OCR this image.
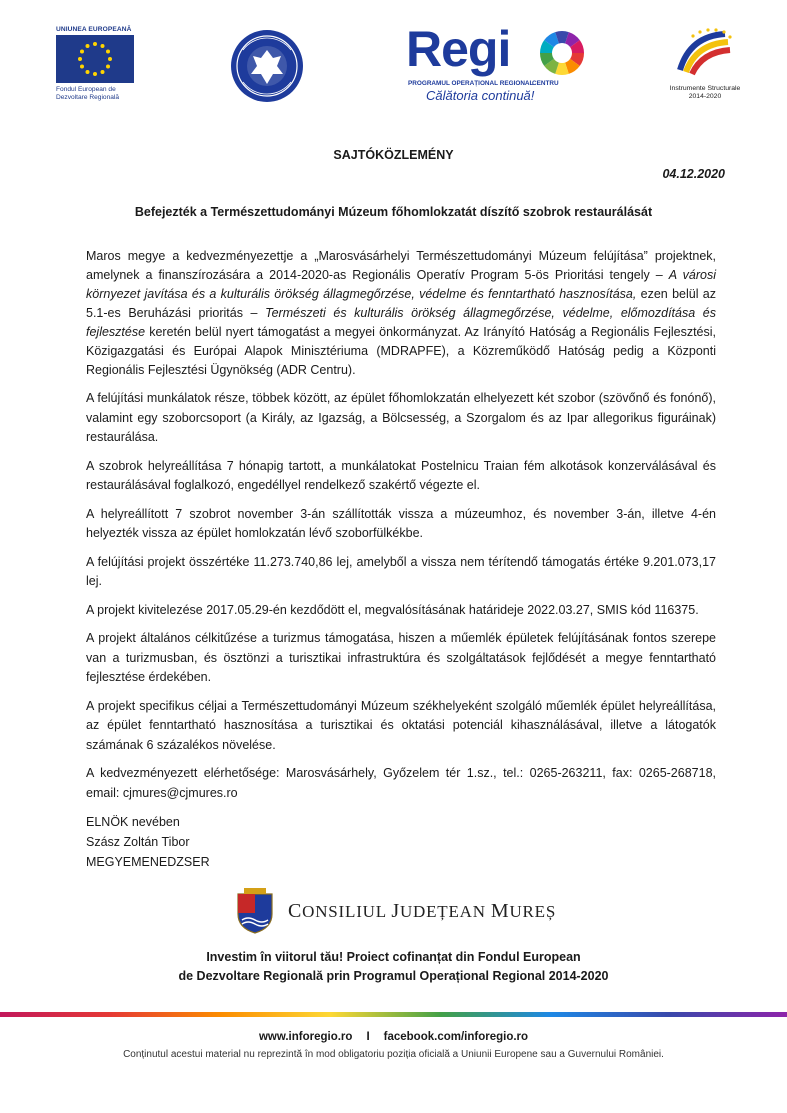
UNIUNEA EUROPEANĂ
Fondul European de
Dezvoltare Regională
Regi
PROGRAMUL OPERAȚIONAL REGIONAL
CENTRU
Călătoria continuă!	Instrumente Structurale
2014-2020
SAJTÓKÖZLEMÉNY
04.12.2020
Befejezték a Természettudományi Múzeum főhomlokzatát díszítő szobrok restaurálását

Maros megye a kedvezményezettje a „Marosvásárhelyi Természettudományi Múzeum felújítása” projektnek, amelynek a finanszírozására a 2014-2020-as Regionális Operatív Program 5-ös Prioritási tengely – A városi környezet javítása és a kulturális örökség állagmegőrzése, védelme és fenntartható hasznosítása, ezen belül az 5.1-es Beruházási prioritás – Természeti és kulturális örökség állagmegőrzése, védelme, előmozdítása és fejlesztése keretén belül nyert támogatást a megyei önkormányzat. Az Irányító Hatóság a Regionális Fejlesztési, Közigazgatási és Európai Alapok Minisztériuma (MDRAPFE), a Közreműködő Hatóság pedig a Központi Regionális Fejlesztési Ügynökség (ADR Centru).

A felújítási munkálatok része, többek között, az épület főhomlokzatán elhelyezett két szobor (szövőnő és fonónő), valamint egy szoborcsoport (a Király, az Igazság, a Bölcsesség, a Szorgalom és az Ipar allegorikus figuráinak) restaurálása.

A szobrok helyreállítása 7 hónapig tartott, a munkálatokat Postelnicu Traian fém alkotások konzerválásával és restaurálásával foglalkozó, engedéllyel rendelkező szakértő végezte el.

A helyreállított 7 szobrot november 3-án szállították vissza a múzeumhoz, és november 3-án, illetve 4-én helyezték vissza az épület homlokzatán lévő szoborfülkékbe.

A felújítási projekt összértéke 11.273.740,86 lej, amelyből a vissza nem térítendő támogatás értéke 9.201.073,17 lej.

A projekt kivitelezése 2017.05.29-én kezdődött el, megvalósításának határideje 2022.03.27, SMIS kód 116375.

A projekt általános célkitűzése a turizmus támogatása, hiszen a műemlék épületek felújításának fontos szerepe van a turizmusban, és ösztönzi a turisztikai infrastruktúra és szolgáltatások fejlődését a megye fenntartható fejlesztése érdekében.

A projekt specifikus céljai a Természettudományi Múzeum székhelyeként szolgáló műemlék épület helyreállítása, az épület fenntartható hasznosítása a turisztikai és oktatási potenciál kihasználásával, illetve a látogatók számának 6 százalékos növelése.

A kedvezményezett elérhetősége: Marosvásárhely, Győzelem tér 1.sz., tel.: 0265-263211, fax: 0265-268718, email: cjmures@cjmures.ro

ELNÖK nevében
Szász Zoltán Tibor
MEGYEMENEDZSER
CONSILIUL JUDEȚEAN MUREȘ
Investim în viitorul tău! Proiect cofinanțat din Fondul European
de Dezvoltare Regională prin Programul Operațional Regional 2014-2020
www.inforegio.ro I facebook.com/inforegio.ro
Conținutul acestui material nu reprezintă în mod obligatoriu poziția oficială a Uniunii Europene sau a Guvernului României.
